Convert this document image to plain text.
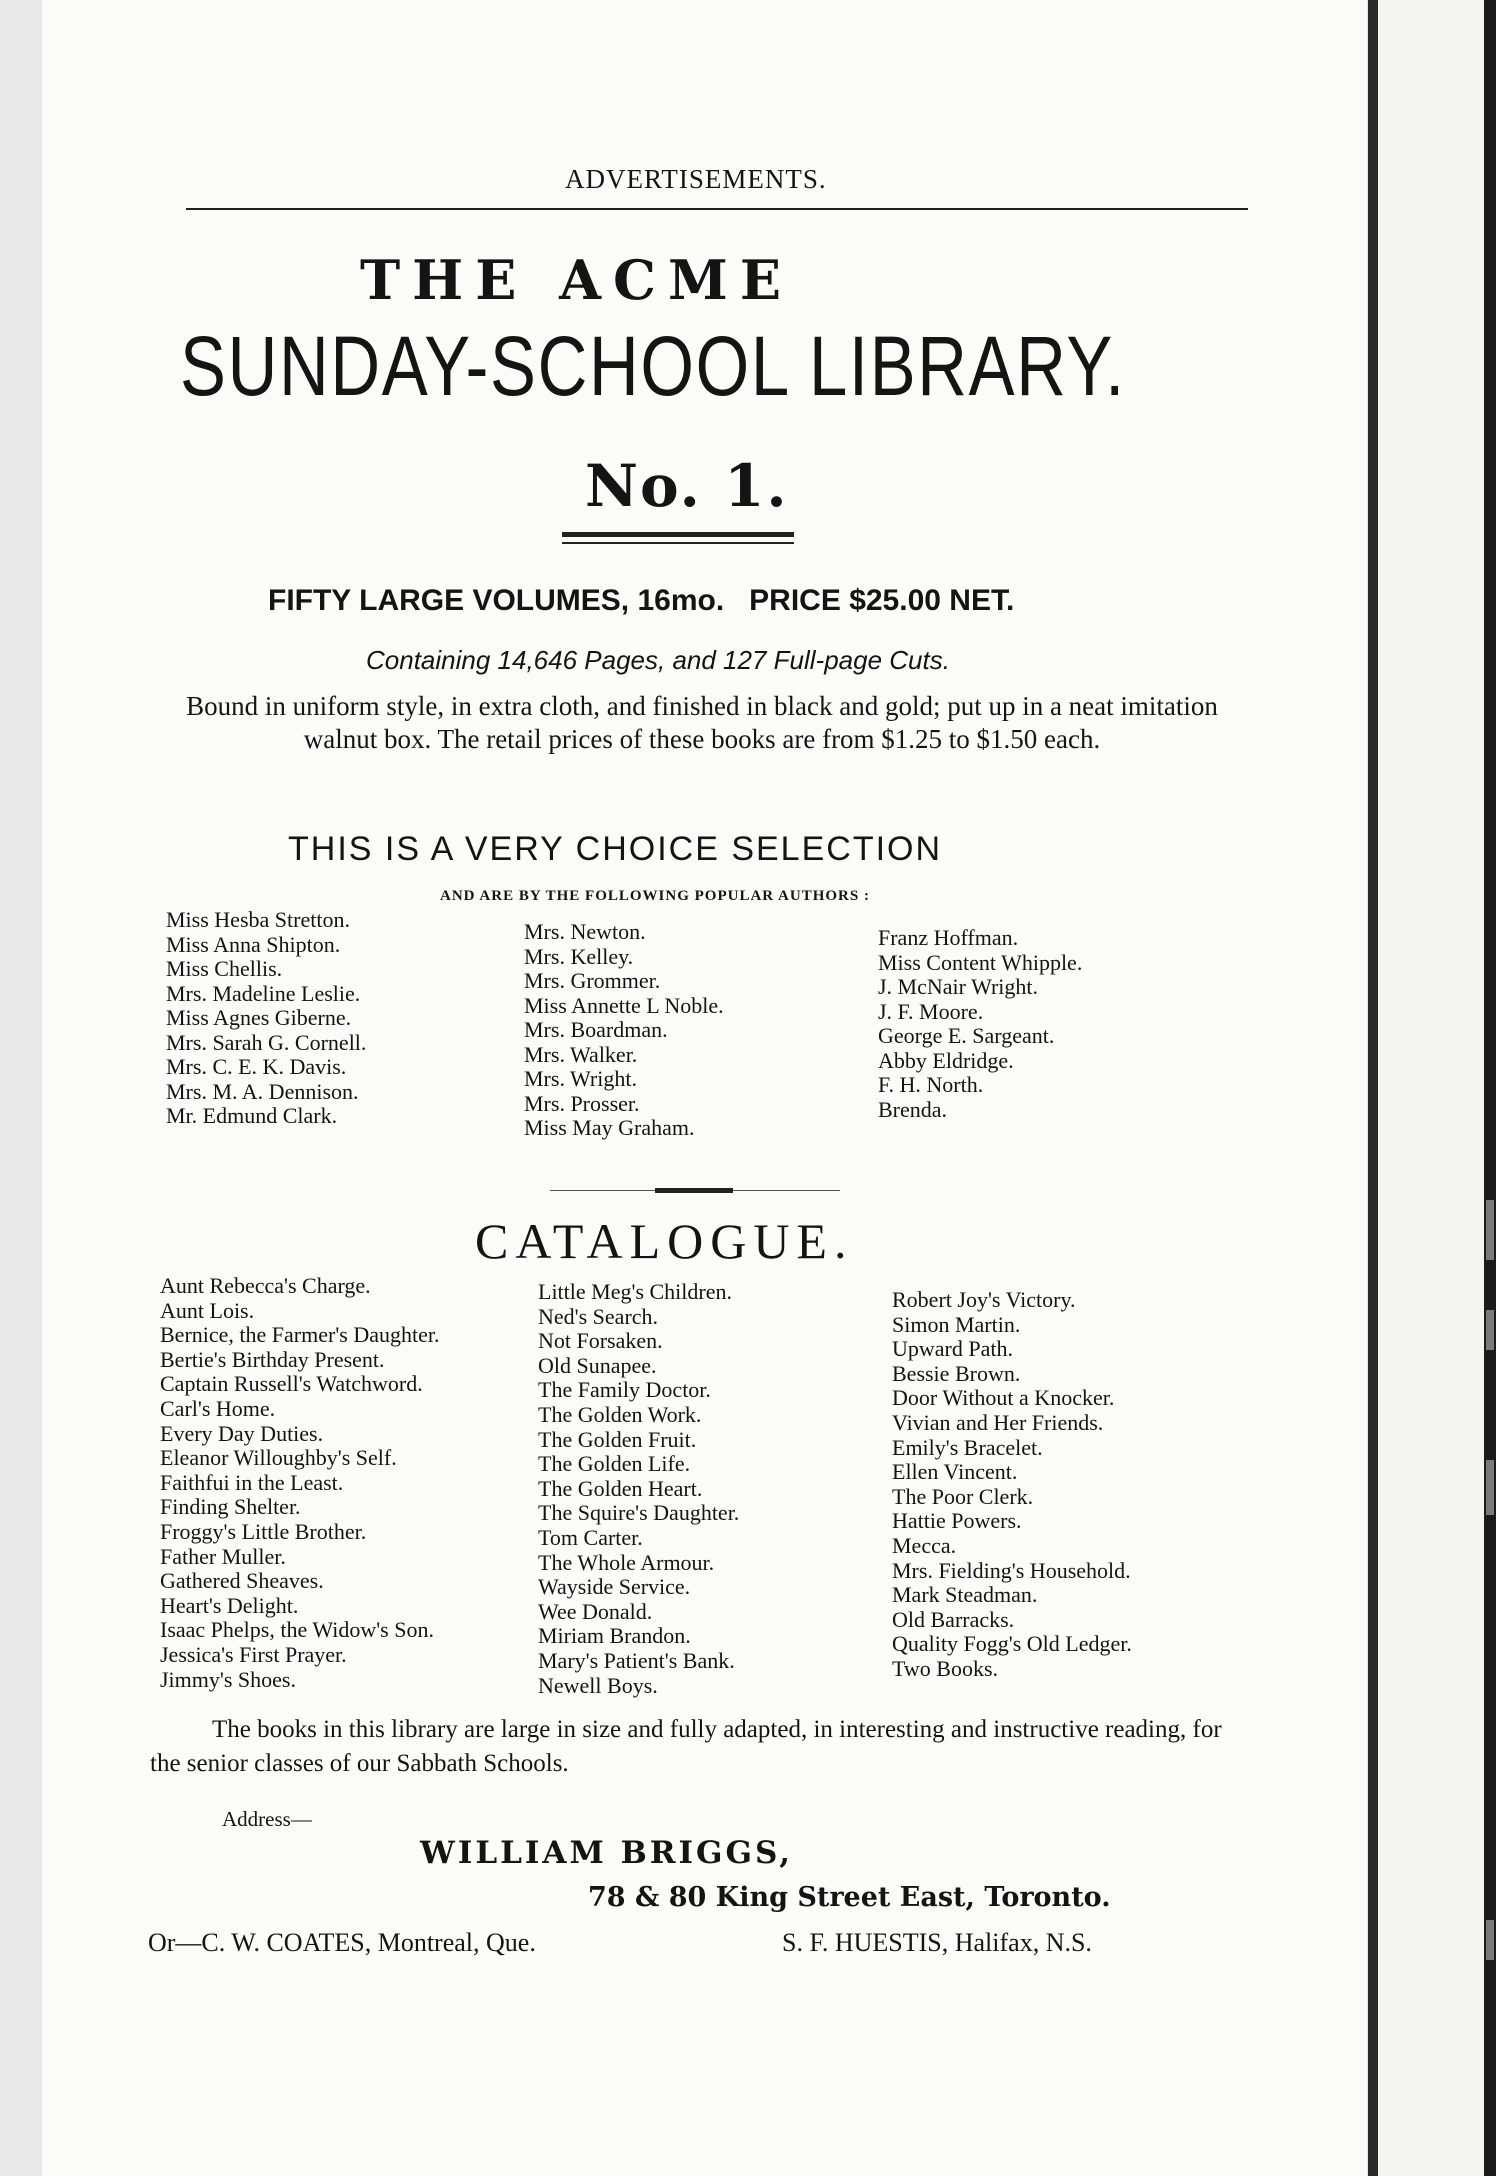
ADVERTISEMENTS.
THE ACME
SUNDAY-SCHOOL LIBRARY.
No. 1.
FIFTY LARGE VOLUMES, 16mo.   PRICE $25.00 NET.
Containing 14,646 Pages, and 127 Full-page Cuts.
Bound in uniform style, in extra cloth, and finished in black and gold; put up in a neat imitation walnut box. The retail prices of these books are from $1.25 to $1.50 each.
THIS IS A VERY CHOICE SELECTION
AND ARE BY THE FOLLOWING POPULAR AUTHORS :
Miss Hesba Stretton.
Miss Anna Shipton.
Miss Chellis.
Mrs. Madeline Leslie.
Miss Agnes Giberne.
Mrs. Sarah G. Cornell.
Mrs. C. E. K. Davis.
Mrs. M. A. Dennison.
Mr. Edmund Clark.
Mrs. Newton.
Mrs. Kelley.
Mrs. Grommer.
Miss Annette L Noble.
Mrs. Boardman.
Mrs. Walker.
Mrs. Wright.
Mrs. Prosser.
Miss May Graham.
Franz Hoffman.
Miss Content Whipple.
J. McNair Wright.
J. F. Moore.
George E. Sargeant.
Abby Eldridge.
F. H. North.
Brenda.
CATALOGUE.
Aunt Rebecca's Charge.
Aunt Lois.
Bernice, the Farmer's Daughter.
Bertie's Birthday Present.
Captain Russell's Watchword.
Carl's Home.
Every Day Duties.
Eleanor Willoughby's Self.
Faithfui in the Least.
Finding Shelter.
Froggy's Little Brother.
Father Muller.
Gathered Sheaves.
Heart's Delight.
Isaac Phelps, the Widow's Son.
Jessica's First Prayer.
Jimmy's Shoes.
Little Meg's Children.
Ned's Search.
Not Forsaken.
Old Sunapee.
The Family Doctor.
The Golden Work.
The Golden Fruit.
The Golden Life.
The Golden Heart.
The Squire's Daughter.
Tom Carter.
The Whole Armour.
Wayside Service.
Wee Donald.
Miriam Brandon.
Mary's Patient's Bank.
Newell Boys.
Robert Joy's Victory.
Simon Martin.
Upward Path.
Bessie Brown.
Door Without a Knocker.
Vivian and Her Friends.
Emily's Bracelet.
Ellen Vincent.
The Poor Clerk.
Hattie Powers.
Mecca.
Mrs. Fielding's Household.
Mark Steadman.
Old Barracks.
Quality Fogg's Old Ledger.
Two Books.
The books in this library are large in size and fully adapted, in interesting and instructive reading, for the senior classes of our Sabbath Schools.
Address—
WILLIAM BRIGGS,
78 & 80 King Street East, Toronto.
Or—C. W. COATES, Montreal, Que.	S. F. HUESTIS, Halifax, N.S.
